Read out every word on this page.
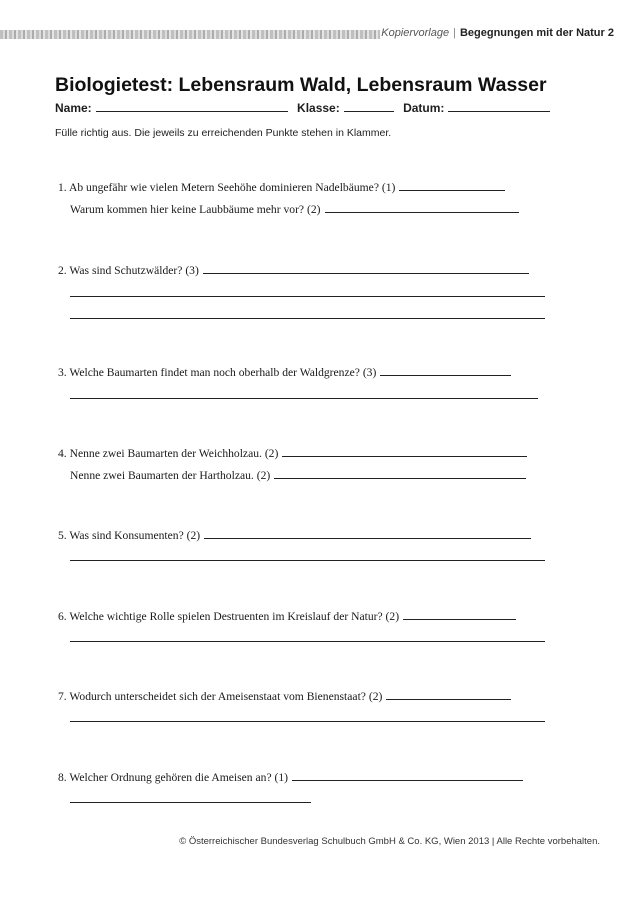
Kopiervorlage | Begegnungen mit der Natur 2
Biologietest: Lebensraum Wald, Lebensraum Wasser
Name:	Klasse:	Datum:
Fülle richtig aus. Die jeweils zu erreichenden Punkte stehen in Klammer.
1. Ab ungefähr wie vielen Metern Seehöhe dominieren Nadelbäume? (1)
Warum kommen hier keine Laubbäume mehr vor? (2)
2. Was sind Schutzwälder? (3)
3. Welche Baumarten findet man noch oberhalb der Waldgrenze? (3)
4. Nenne zwei Baumarten der Weichholzau. (2)
Nenne zwei Baumarten der Hartholzau. (2)
5. Was sind Konsumenten? (2)
6. Welche wichtige Rolle spielen Destruenten im Kreislauf der Natur? (2)
7. Wodurch unterscheidet sich der Ameisenstaat vom Bienenstaat? (2)
8. Welcher Ordnung gehören die Ameisen an? (1)
© Österreichischer Bundesverlag Schulbuch GmbH & Co. KG, Wien 2013 | Alle Rechte vorbehalten.
